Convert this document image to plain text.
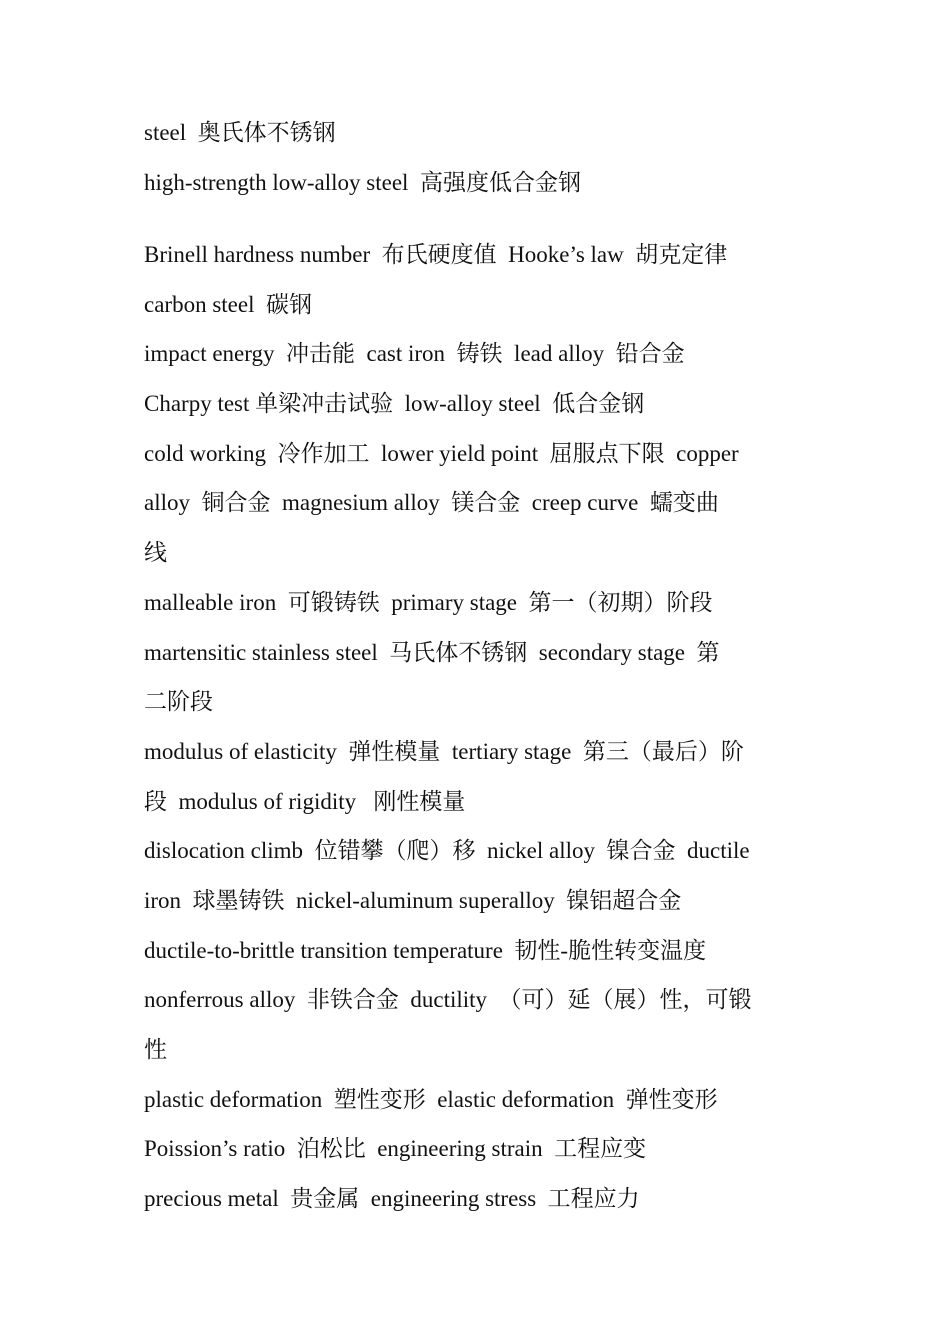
steel  奥氏体不锈钢
high-strength low-alloy steel  高强度低合金钢
Brinell hardness number  布氏硬度值  Hooke’s law  胡克定律
carbon steel  碳钢
impact energy  冲击能  cast iron  铸铁  lead alloy  铅合金
Charpy test 单梁冲击试验  low-alloy steel  低合金钢
cold working  冷作加工  lower yield point  屈服点下限  copper
alloy  铜合金  magnesium alloy  镁合金  creep curve  蠕变曲
线
malleable iron  可锻铸铁  primary stage  第一（初期）阶段
martensitic stainless steel  马氏体不锈钢  secondary stage  第
二阶段
modulus of elasticity  弹性模量  tertiary stage  第三（最后）阶
段  modulus of rigidity   刚性模量
dislocation climb  位错攀（爬）移  nickel alloy  镍合金  ductile
iron  球墨铸铁  nickel-aluminum superalloy  镍铝超合金
ductile-to-brittle transition temperature  韧性-脆性转变温度
nonferrous alloy  非铁合金  ductility  （可）延（展）性，可锻
性
plastic deformation  塑性变形  elastic deformation  弹性变形
Poission’s ratio  泊松比  engineering strain  工程应变
precious metal  贵金属  engineering stress  工程应力
